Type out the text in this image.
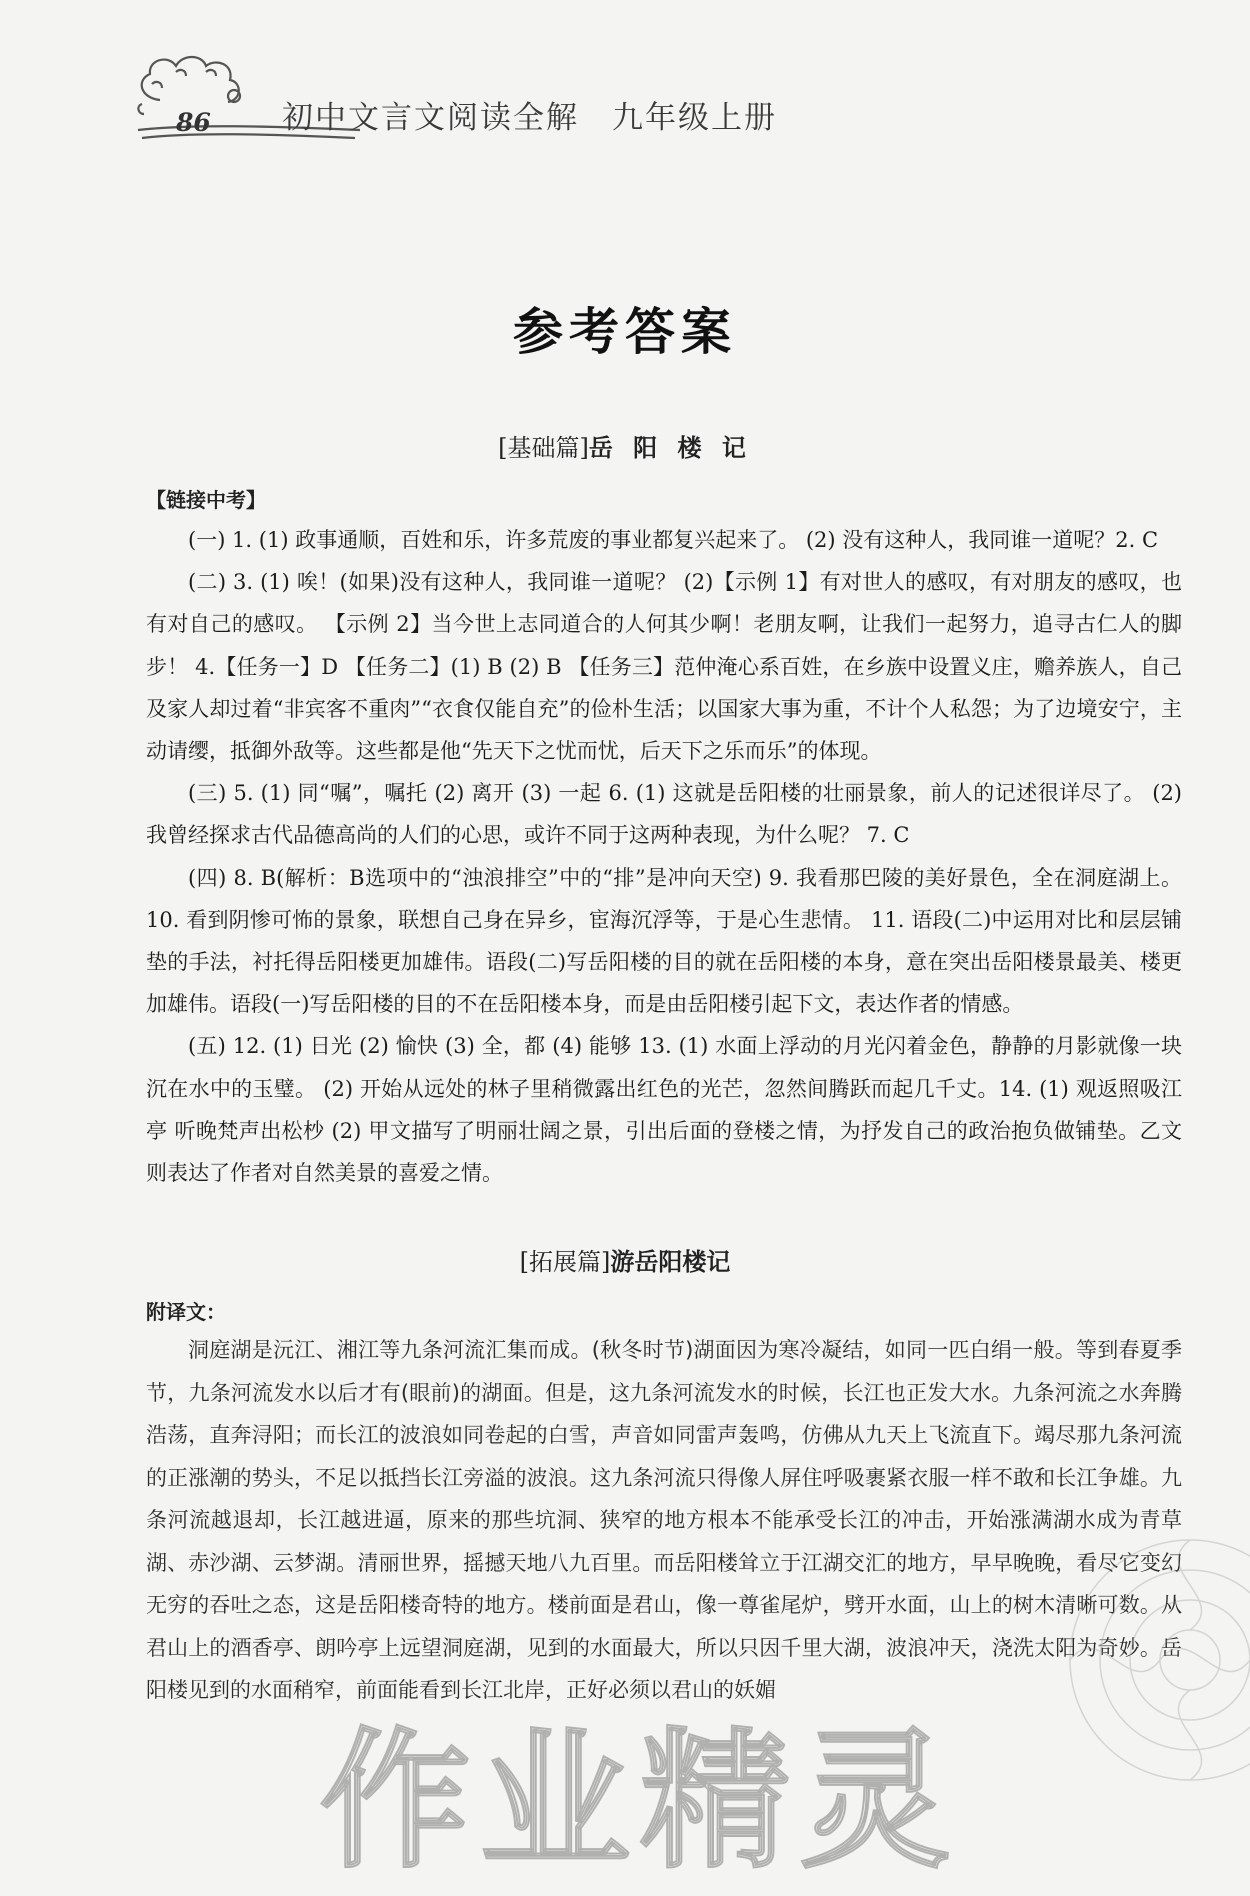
86 初中文言文阅读全解　九年级上册
参考答案
[基础篇]岳 阳 楼 记
【链接中考】

(一) 1. (1) 政事通顺，百姓和乐，许多荒废的事业都复兴起来了。 (2) 没有这种人，我同谁一道呢？2. C

(二) 3. (1) 唉！(如果)没有这种人，我同谁一道呢？ (2)【示例 1】有对世人的感叹，有对朋友的感叹，也有对自己的感叹。 【示例 2】当今世上志同道合的人何其少啊！老朋友啊，让我们一起努力，追寻古仁人的脚步！ 4.【任务一】D 【任务二】(1) B (2) B 【任务三】范仲淹心系百姓，在乡族中设置义庄，赡养族人，自己及家人却过着“非宾客不重肉”“衣食仅能自充”的俭朴生活；以国家大事为重，不计个人私怨；为了边境安宁，主动请缨，抵御外敌等。这些都是他“先天下之忧而忧，后天下之乐而乐”的体现。

(三) 5. (1) 同“嘱”，嘱托 (2) 离开 (3) 一起 6. (1) 这就是岳阳楼的壮丽景象，前人的记述很详尽了。 (2) 我曾经探求古代品德高尚的人们的心思，或许不同于这两种表现，为什么呢？ 7. C

(四) 8. B(解析：B选项中的“浊浪排空”中的“排”是冲向天空) 9. 我看那巴陵的美好景色，全在洞庭湖上。 10. 看到阴惨可怖的景象，联想自己身在异乡，宦海沉浮等，于是心生悲情。 11. 语段(二)中运用对比和层层铺垫的手法，衬托得岳阳楼更加雄伟。语段(二)写岳阳楼的目的就在岳阳楼的本身，意在突出岳阳楼景最美、楼更加雄伟。语段(一)写岳阳楼的目的不在岳阳楼本身，而是由岳阳楼引起下文，表达作者的情感。

(五) 12. (1) 日光 (2) 愉快 (3) 全，都 (4) 能够 13. (1) 水面上浮动的月光闪着金色，静静的月影就像一块沉在水中的玉璧。 (2) 开始从远处的林子里稍微露出红色的光芒，忽然间腾跃而起几千丈。14. (1) 观返照吸江亭 听晚梵声出松杪 (2) 甲文描写了明丽壮阔之景，引出后面的登楼之情，为抒发自己的政治抱负做铺垫。乙文则表达了作者对自然美景的喜爱之情。

[拓展篇]游岳阳楼记
附译文：

洞庭湖是沅江、湘江等九条河流汇集而成。(秋冬时节)湖面因为寒冷凝结，如同一匹白绢一般。等到春夏季节，九条河流发水以后才有(眼前)的湖面。但是，这九条河流发水的时候，长江也正发大水。九条河流之水奔腾浩荡，直奔浔阳；而长江的波浪如同卷起的白雪，声音如同雷声轰鸣，仿佛从九天上飞流直下。竭尽那九条河流的正涨潮的势头，不足以抵挡长江旁溢的波浪。这九条河流只得像人屏住呼吸裹紧衣服一样不敢和长江争雄。九条河流越退却，长江越进逼，原来的那些坑洞、狭窄的地方根本不能承受长江的冲击，开始涨满湖水成为青草湖、赤沙湖、云梦湖。清丽世界，摇撼天地八九百里。而岳阳楼耸立于江湖交汇的地方，早早晚晚，看尽它变幻无穷的吞吐之态，这是岳阳楼奇特的地方。楼前面是君山，像一尊雀尾炉，劈开水面，山上的树木清晰可数。从君山上的酒香亭、朗吟亭上远望洞庭湖，见到的水面最大，所以只因千里大湖，波浪冲天，浇洗太阳为奇妙。岳阳楼见到的水面稍窄，前面能看到长江北岸，正好必须以君山的妖媚

作业精灵
